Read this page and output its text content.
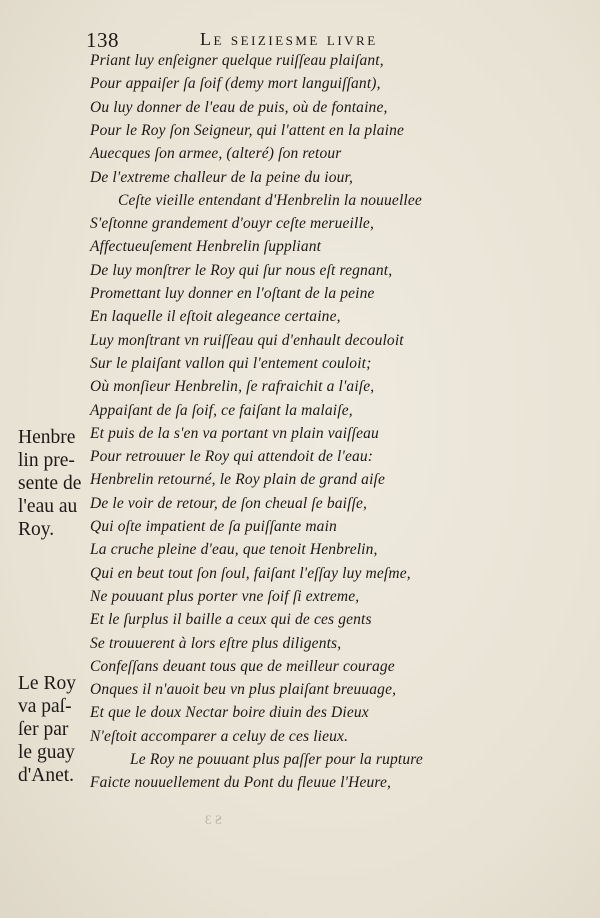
138	Le seiziesme livre
Henbre
lin pre-
sente de
l'eau au
Roy.
Le Roy
va paſ-
ſer par
le guay
d'Anet.
Priant luy enſeigner quelque ruiſſeau plaiſant,
Pour appaiſer ſa ſoif (demy mort languiſſant),
Ou luy donner de l'eau de puis, où de fontaine,
Pour le Roy ſon Seigneur, qui l'attent en la plaine
Auecques ſon armee, (alteré) ſon retour
De l'extreme challeur de la peine du iour,
Ceſte vieille entendant d'Henbrelin la nouuellee
S'eſtonne grandement d'ouyr ceſte merueille,
Affectueuſement Henbrelin ſuppliant
De luy monſtrer le Roy qui ſur nous eſt regnant,
Promettant luy donner en l'oſtant de la peine
En laquelle il eſtoit alegeance certaine,
Luy monſtrant vn ruiſſeau qui d'enhault decouloit
Sur le plaiſant vallon qui l'entement couloit;
Où monſieur Henbrelin, ſe rafraichit a l'aiſe,
Appaiſant de ſa ſoif, ce faiſant la malaiſe,
Et puis de la s'en va portant vn plain vaiſſeau
Pour retrouuer le Roy qui attendoit de l'eau:
Henbrelin retourné, le Roy plain de grand aiſe
De le voir de retour, de ſon cheual ſe baiſſe,
Qui oſte impatient de ſa puiſſante main
La cruche pleine d'eau, que tenoit Henbrelin,
Qui en beut tout ſon ſoul, faiſant l'eſſay luy meſme,
Ne pouuant plus porter vne ſoif ſi extreme,
Et le ſurplus il baille a ceux qui de ces gents
Se trouuerent à lors eſtre plus diligents,
Confeſſans deuant tous que de meilleur courage
Onques il n'auoit beu vn plus plaiſant breuuage,
Et que le doux Nectar boire diuin des Dieux
N'eſtoit accomparer a celuy de ces lieux.
Le Roy ne pouuant plus paſſer pour la rupture
Faicte nouuellement du Pont du fleuue l'Heure,
S 3
